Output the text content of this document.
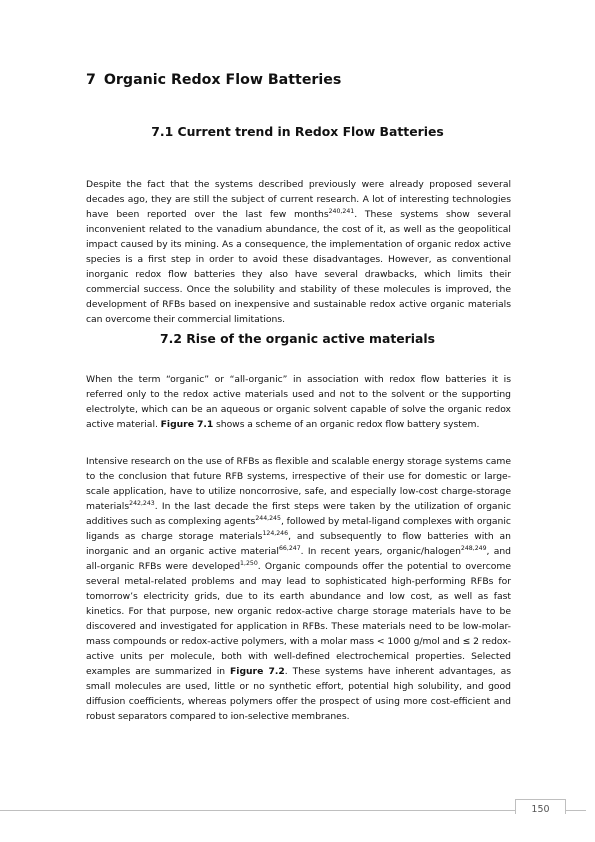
7 Organic Redox Flow Batteries
7.1 Current trend in Redox Flow Batteries

Despite the fact that the systems described previously were already proposed several decades ago, they are still the subject of current research. A lot of interesting technologies have been reported over the last few months$^{240,241}$. These systems show several inconvenient related to the vanadium abundance, the cost of it, as well as the geopolitical impact caused by its mining. As a consequence, the implementation of organic redox active species is a first step in order to avoid these disadvantages. However, as conventional inorganic redox flow batteries they also have several drawbacks, which limits their commercial success. Once the solubility and stability of these molecules is improved, the development of RFBs based on inexpensive and sustainable redox active organic materials can overcome their commercial limitations.

7.2 Rise of the organic active materials

When the term “organic” or “all-organic” in association with redox flow batteries it is referred only to the redox active materials used and not to the solvent or the supporting electrolyte, which can be an aqueous or organic solvent capable of solve the organic redox active material. Figure 7.1 shows a scheme of an organic redox flow battery system.

Intensive research on the use of RFBs as flexible and scalable energy storage systems came to the conclusion that future RFB systems, irrespective of their use for domestic or large-scale application, have to utilize noncorrosive, safe, and especially low-cost charge-storage materials$^{242,243}$. In the last decade the first steps were taken by the utilization of organic additives such as complexing agents$^{244,245}$, followed by metal-ligand complexes with organic ligands as charge storage materials$^{124,246}$, and subsequently to flow batteries with an inorganic and an organic active material$^{66,247}$. In recent years, organic/halogen$^{248,249}$, and all-organic RFBs were developed$^{1,250}$. Organic compounds offer the potential to overcome several metal-related problems and may lead to sophisticated high-performing RFBs for tomorrow’s electricity grids, due to its earth abundance and low cost, as well as fast kinetics. For that purpose, new organic redox-active charge storage materials have to be discovered and investigated for application in RFBs. These materials need to be low-molar-mass compounds or redox-active polymers, with a molar mass < 1000 g/mol and ≤ 2 redox-active units per molecule, both with well-defined electrochemical properties. Selected examples are summarized in Figure 7.2. These systems have inherent advantages, as small molecules are used, little or no synthetic effort, potential high solubility, and good diffusion coefficients, whereas polymers offer the prospect of using more cost-efficient and robust separators compared to ion-selective membranes.

150
